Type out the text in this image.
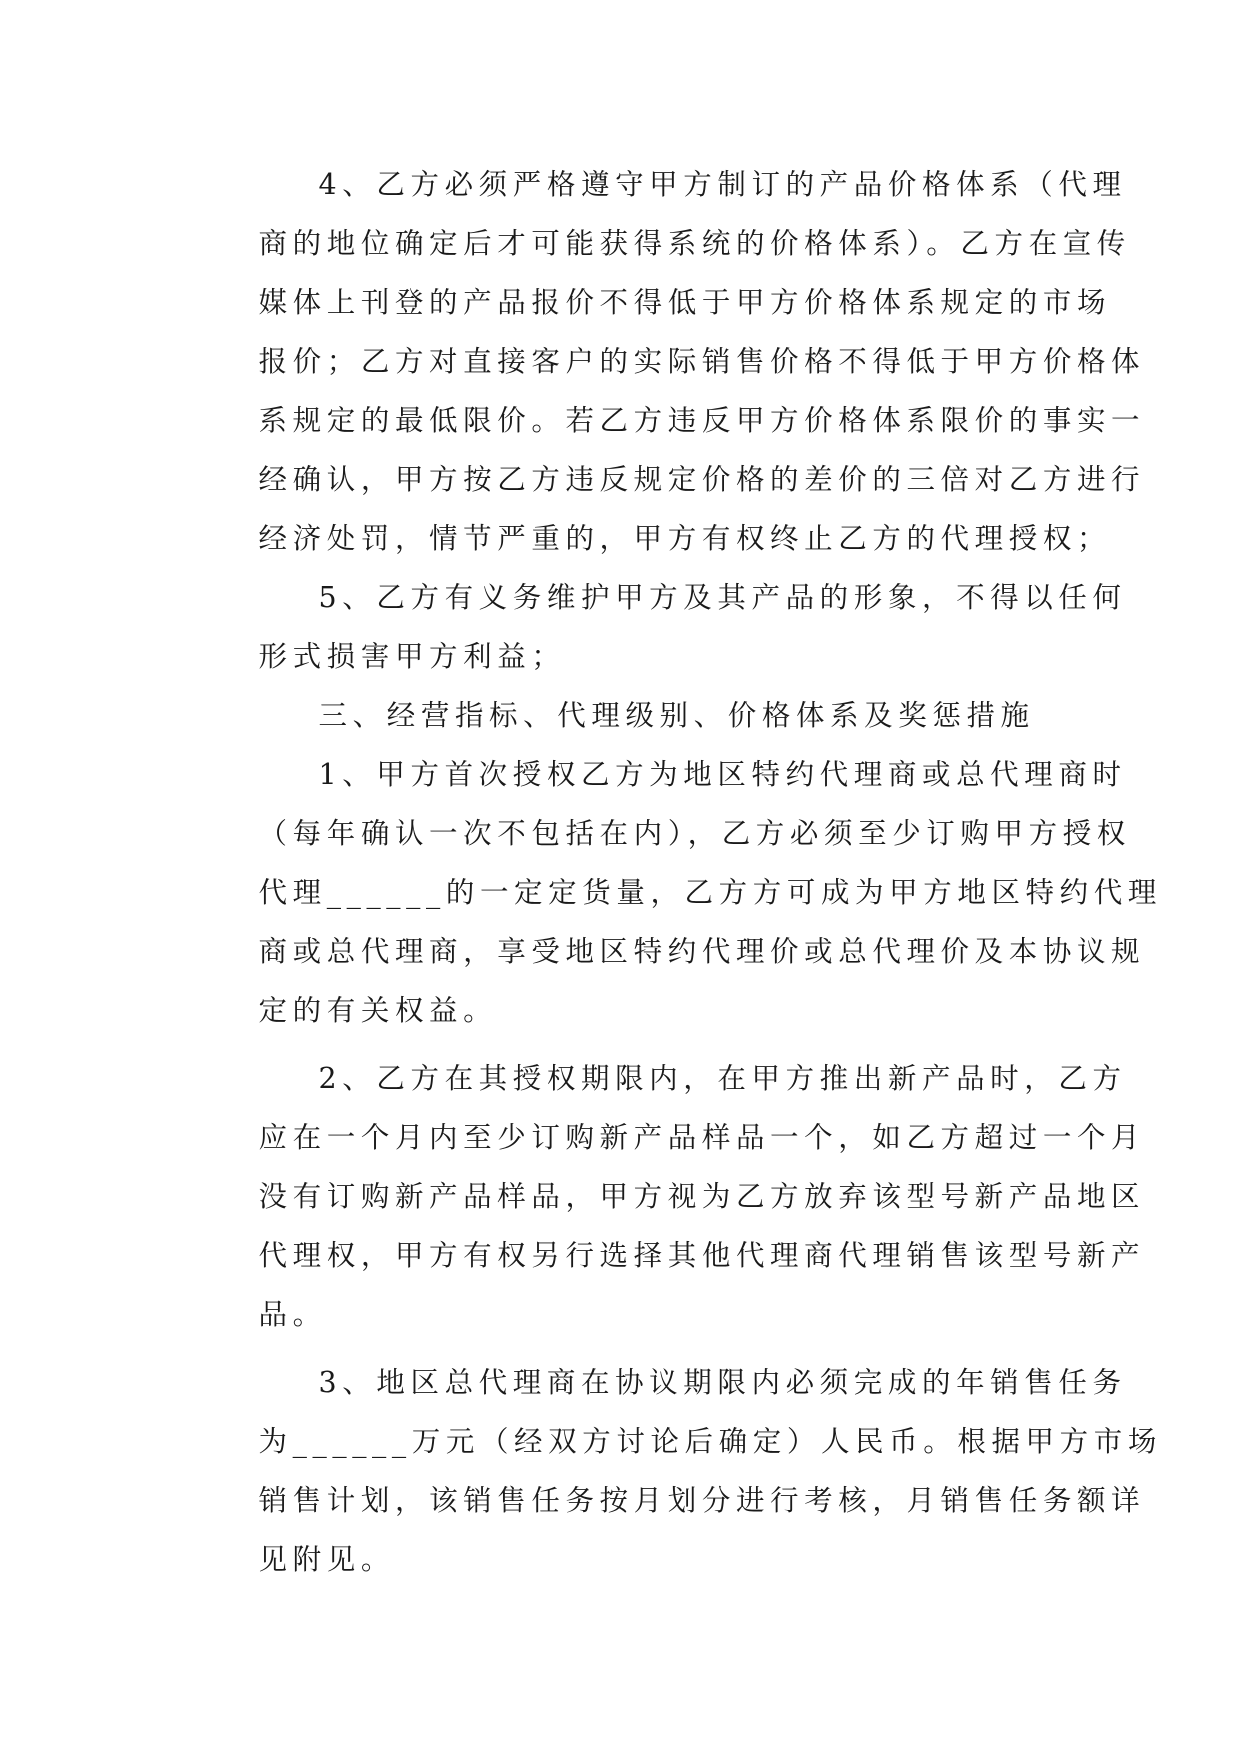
4、乙方必须严格遵守甲方制订的产品价格体系（代理
商的地位确定后才可能获得系统的价格体系）。乙方在宣传
媒体上刊登的产品报价不得低于甲方价格体系规定的市场
报价；乙方对直接客户的实际销售价格不得低于甲方价格体
系规定的最低限价。若乙方违反甲方价格体系限价的事实一
经确认，甲方按乙方违反规定价格的差价的三倍对乙方进行
经济处罚，情节严重的，甲方有权终止乙方的代理授权；
5、乙方有义务维护甲方及其产品的形象，不得以任何
形式损害甲方利益；
三、经营指标、代理级别、价格体系及奖惩措施
1、甲方首次授权乙方为地区特约代理商或总代理商时
（每年确认一次不包括在内），乙方必须至少订购甲方授权
代理______的一定定货量，乙方方可成为甲方地区特约代理
商或总代理商，享受地区特约代理价或总代理价及本协议规
定的有关权益。
2、乙方在其授权期限内，在甲方推出新产品时，乙方
应在一个月内至少订购新产品样品一个，如乙方超过一个月
没有订购新产品样品，甲方视为乙方放弃该型号新产品地区
代理权，甲方有权另行选择其他代理商代理销售该型号新产
品。
3、地区总代理商在协议期限内必须完成的年销售任务
为______万元（经双方讨论后确定）人民币。根据甲方市场
销售计划，该销售任务按月划分进行考核，月销售任务额详
见附见。
